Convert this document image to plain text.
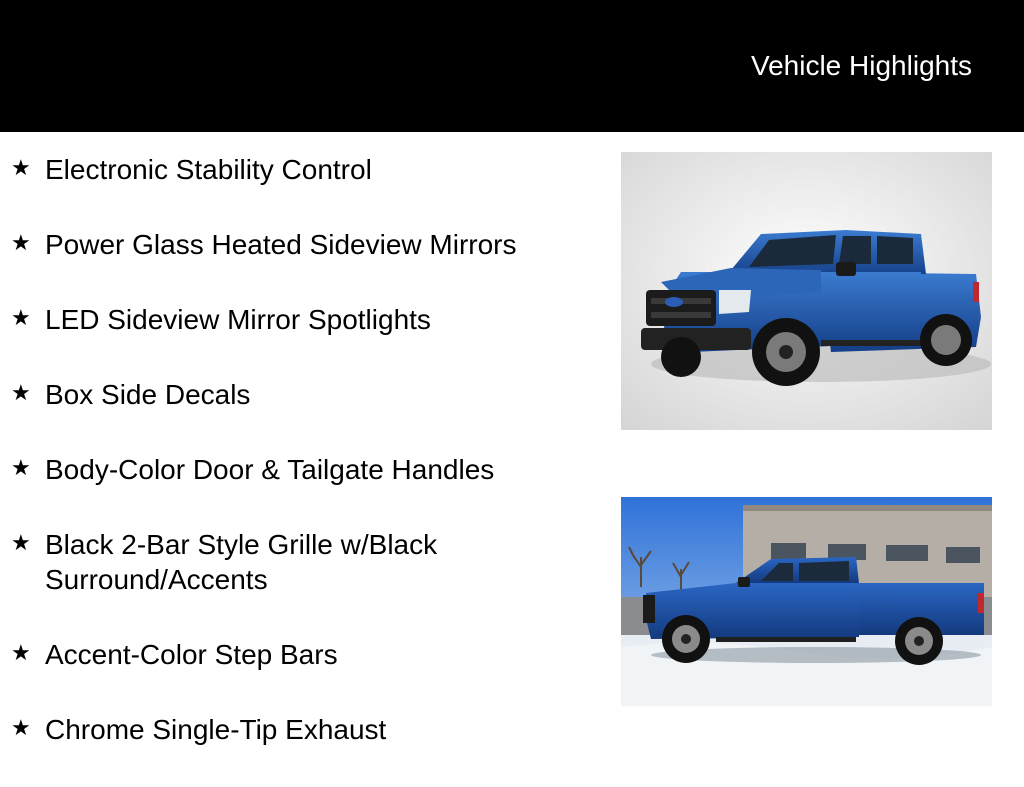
Vehicle Highlights
★ Electronic Stability Control
★ Power Glass Heated Sideview Mirrors
★ LED Sideview Mirror Spotlights
★ Box Side Decals
★ Body-Color Door & Tailgate Handles
★ Black 2-Bar Style Grille w/Black Surround/Accents
★ Accent-Color Step Bars
★ Chrome Single-Tip Exhaust
